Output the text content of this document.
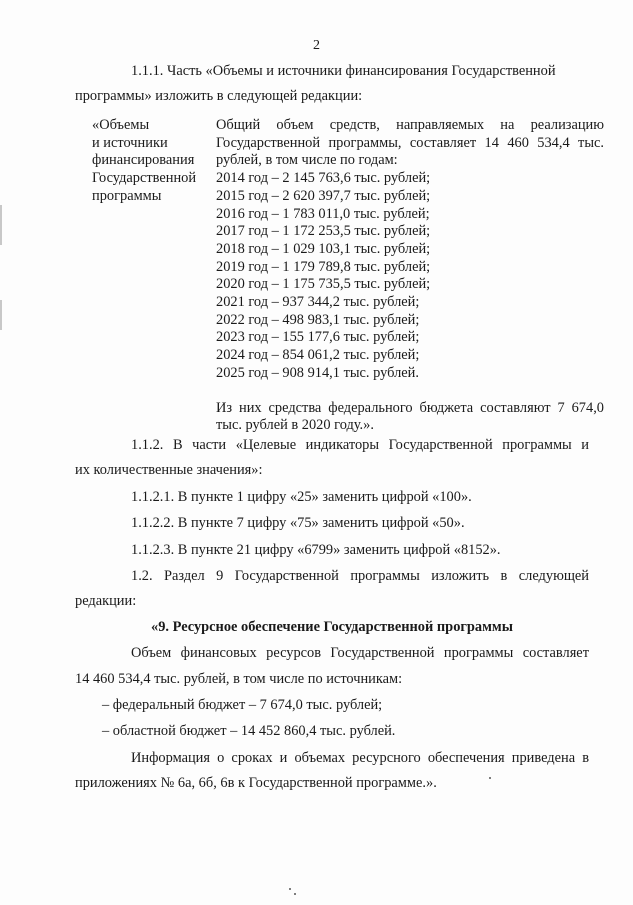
2
1.1.1. Часть «Объемы и источники финансирования Государственной
программы» изложить в следующей редакции:
«Объемы
и источники
финансирования
Государственной
программы
Общий объем средств, направляемых на реализацию
Государственной программы, составляет 14 460 534,4 тыс.
рублей, в том числе по годам:
2014 год – 2 145 763,6 тыс. рублей;
2015 год – 2 620 397,7 тыс. рублей;
2016 год – 1 783 011,0 тыс. рублей;
2017 год – 1 172 253,5 тыс. рублей;
2018 год – 1 029 103,1 тыс. рублей;
2019 год – 1 179 789,8 тыс. рублей;
2020 год – 1 175 735,5 тыс. рублей;
2021 год – 937 344,2 тыс. рублей;
2022 год – 498 983,1 тыс. рублей;
2023 год – 155 177,6 тыс. рублей;
2024 год – 854 061,2 тыс. рублей;
2025 год – 908 914,1 тыс. рублей.
Из них средства федерального бюджета составляют 7 674,0
тыс. рублей в 2020 году.».
1.1.2. В части «Целевые индикаторы Государственной программы и
их количественные значения»:
1.1.2.1. В пункте 1 цифру «25» заменить цифрой «100».
1.1.2.2. В пункте 7 цифру «75» заменить цифрой «50».
1.1.2.3. В пункте 21 цифру «6799» заменить цифрой «8152».
1.2. Раздел 9 Государственной программы изложить в следующей
редакции:
«9. Ресурсное обеспечение Государственной программы
Объем финансовых ресурсов Государственной программы составляет
14 460 534,4 тыс. рублей, в том числе по источникам:
– федеральный бюджет – 7 674,0 тыс. рублей;
– областной бюджет – 14 452 860,4 тыс. рублей.
Информация о сроках и объемах ресурсного обеспечения приведена в
приложениях № 6а, 6б, 6в к Государственной программе.».
